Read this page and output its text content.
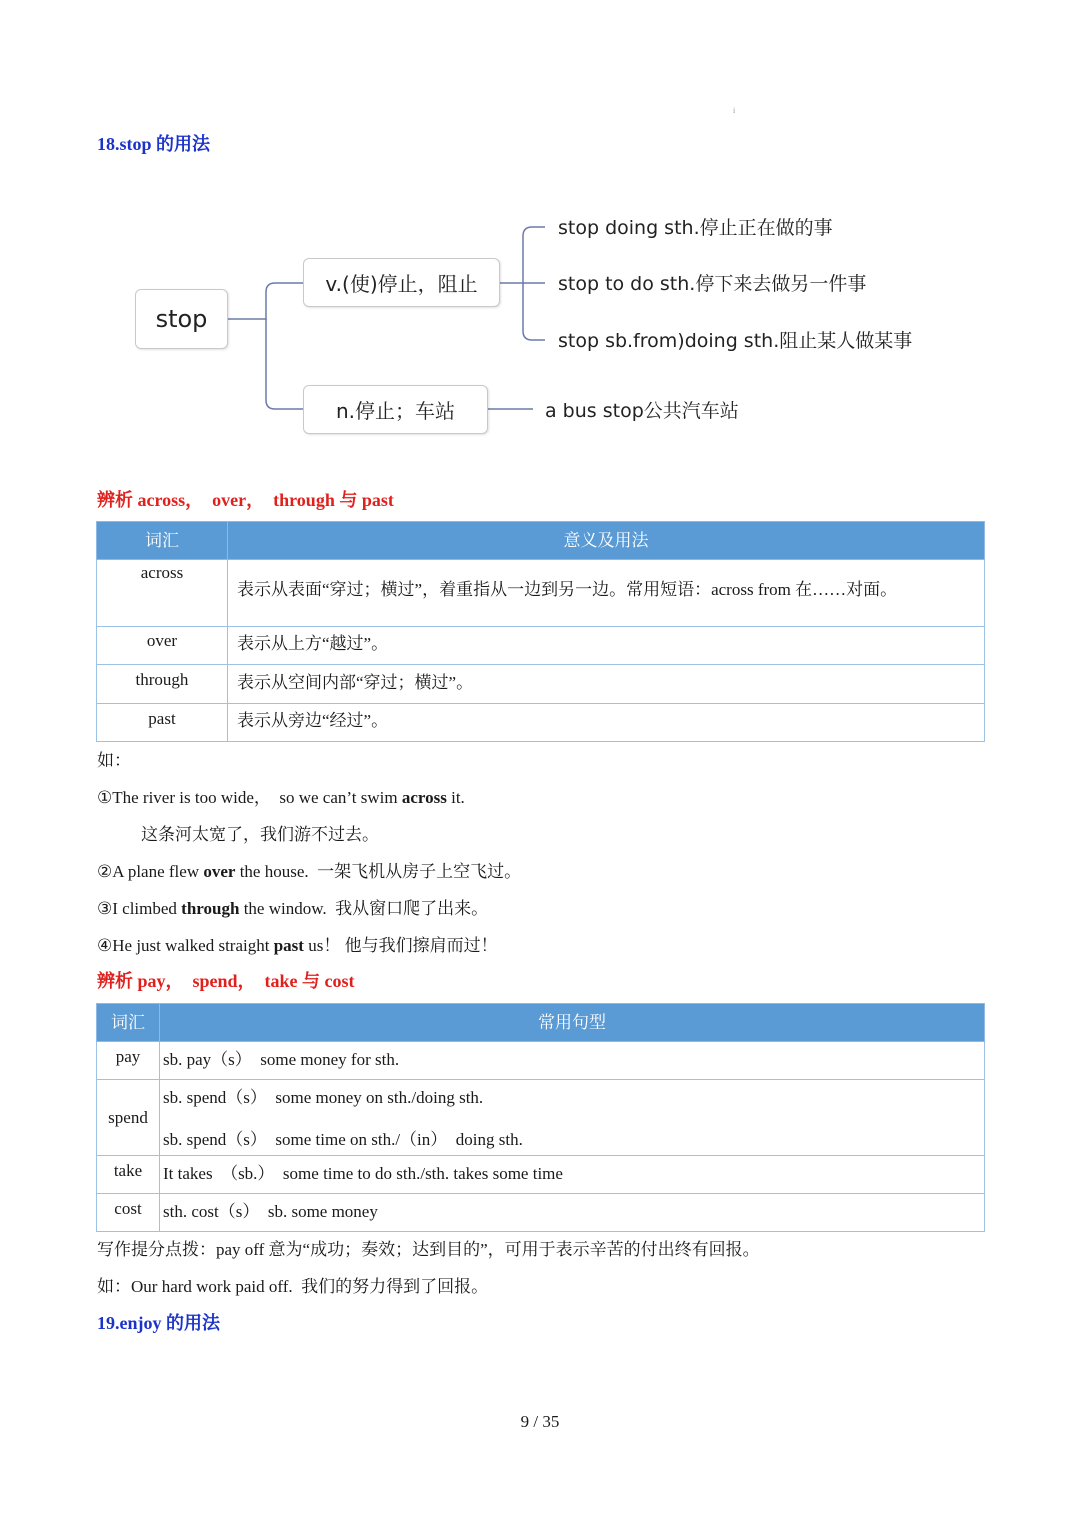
i
18.stop 的用法
stop
v.(使)停止，阻止
n.停止；车站
stop doing sth.停止正在做的事
stop to do sth.停下来去做另一件事
stop sb.from)doing sth.阻止某人做某事
a bus stop公共汽车站
辨析 across，  over，  through 与 past
词汇	意义及用法

across	表示从表面“穿过；横过”，着重指从一边到另一边。常用短语：across from 在……对面。

over	表示从上方“越过”。

through	表示从空间内部“穿过；横过”。

past	表示从旁边“经过”。
如：
①The river is too wide，  so we can’t swim across it.
这条河太宽了，我们游不过去。
②A plane flew over the house.  一架飞机从房子上空飞过。
③I climbed through the window.  我从窗口爬了出来。
④He just walked straight past us！ 他与我们擦肩而过！
辨析 pay，  spend，  take 与 cost
词汇	常用句型

pay	sb. pay（s）  some money for sth.

spend	sb. spend（s）  some money on sth./doing sth.
sb. spend（s）  some time on sth./（in）  doing sth.

take	It takes  （sb.）  some time to do sth./sth. takes some time

cost	sth. cost（s）  sb. some money
写作提分点拨：pay off 意为“成功；奏效；达到目的”，可用于表示辛苦的付出终有回报。
如：Our hard work paid off.  我们的努力得到了回报。
19.enjoy 的用法
9 / 35
